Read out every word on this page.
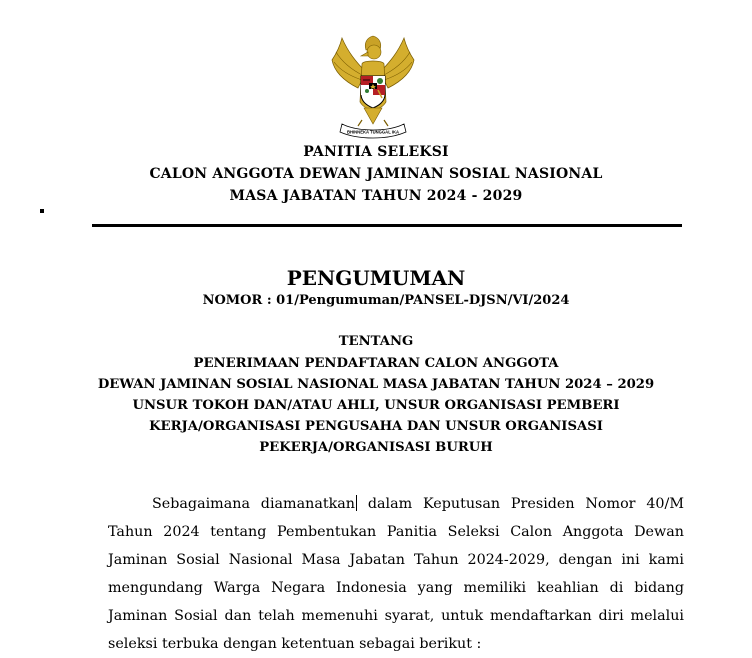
BHINNEKA TUNGGAL IKA
PANITIA SELEKSI
CALON ANGGOTA DEWAN JAMINAN SOSIAL NASIONAL
MASA JABATAN TAHUN 2024 - 2029
PENGUMUMAN
NOMOR : 01/Pengumuman/PANSEL-DJSN/VI/2024
TENTANG
PENERIMAAN PENDAFTARAN CALON ANGGOTA
DEWAN JAMINAN SOSIAL NASIONAL MASA JABATAN TAHUN 2024 – 2029
UNSUR TOKOH DAN/ATAU AHLI, UNSUR ORGANISASI PEMBERI
KERJA/ORGANISASI PENGUSAHA DAN UNSUR ORGANISASI
PEKERJA/ORGANISASI BURUH

Sebagaimana diamanatkan dalam Keputusan Presiden Nomor 40/M Tahun 2024 tentang Pembentukan Panitia Seleksi Calon Anggota Dewan Jaminan Sosial Nasional Masa Jabatan Tahun 2024-2029, dengan ini kami mengundang Warga Negara Indonesia yang memiliki keahlian di bidang Jaminan Sosial dan telah memenuhi syarat, untuk mendaftarkan diri melalui seleksi terbuka dengan ketentuan sebagai berikut :
